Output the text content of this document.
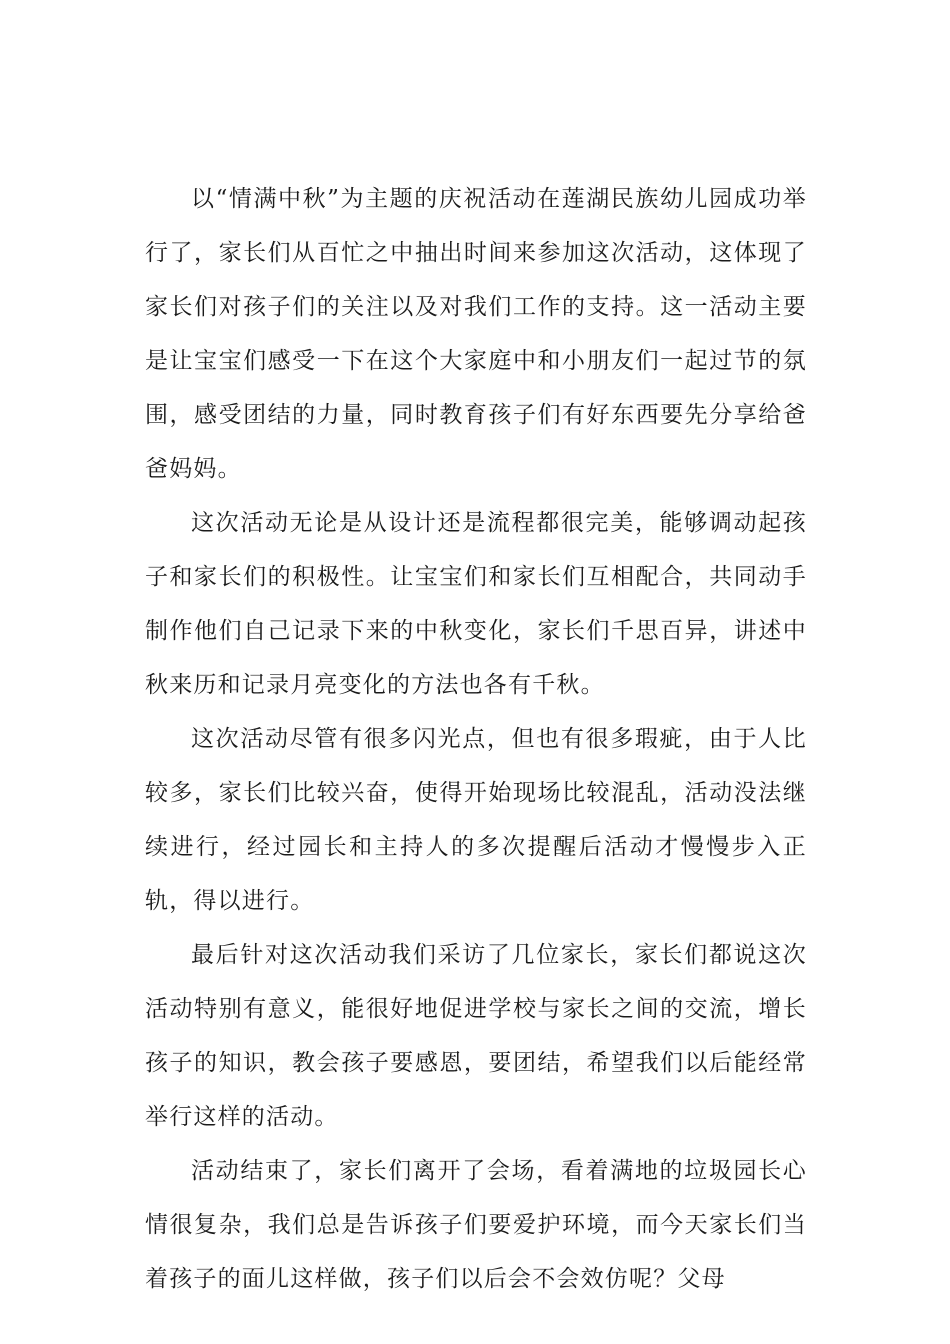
以“情满中秋”为主题的庆祝活动在莲湖民族幼儿园成功举行了，家长们从百忙之中抽出时间来参加这次活动，这体现了家长们对孩子们的关注以及对我们工作的支持。这一活动主要是让宝宝们感受一下在这个大家庭中和小朋友们一起过节的氛围，感受团结的力量，同时教育孩子们有好东西要先分享给爸爸妈妈。

这次活动无论是从设计还是流程都很完美，能够调动起孩子和家长们的积极性。让宝宝们和家长们互相配合，共同动手制作他们自己记录下来的中秋变化，家长们千思百异，讲述中秋来历和记录月亮变化的方法也各有千秋。

这次活动尽管有很多闪光点，但也有很多瑕疵，由于人比较多，家长们比较兴奋，使得开始现场比较混乱，活动没法继续进行，经过园长和主持人的多次提醒后活动才慢慢步入正轨，得以进行。

最后针对这次活动我们采访了几位家长，家长们都说这次活动特别有意义，能很好地促进学校与家长之间的交流，增长孩子的知识，教会孩子要感恩，要团结，希望我们以后能经常举行这样的活动。

活动结束了，家长们离开了会场，看着满地的垃圾园长心情很复杂，我们总是告诉孩子们要爱护环境，而今天家长们当着孩子的面儿这样做，孩子们以后会不会效仿呢？父母
